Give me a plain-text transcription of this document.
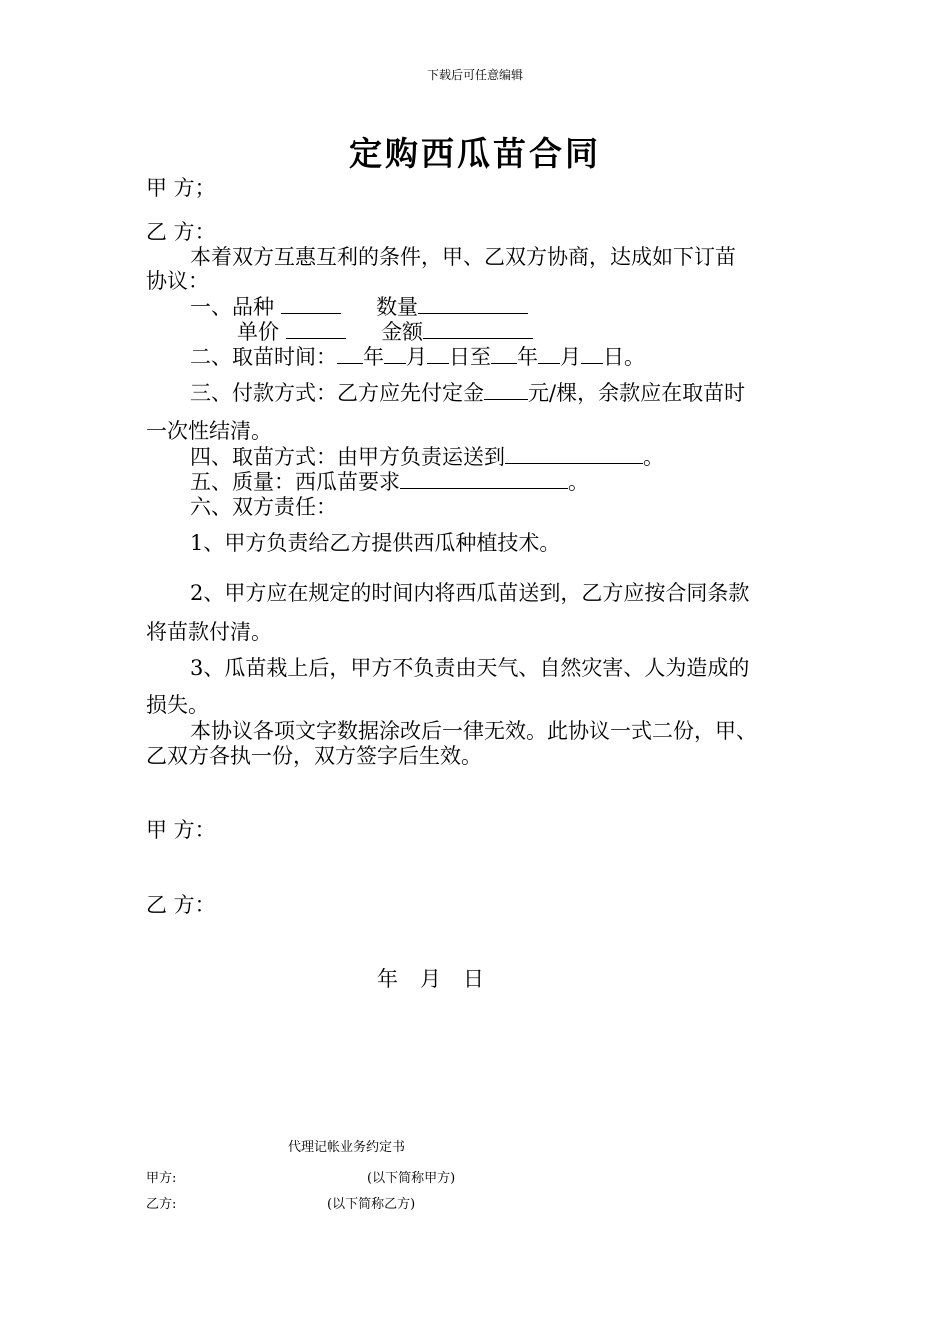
下载后可任意编辑
定购西瓜苗合同
甲 方；
乙 方：
本着双方互惠互利的条件，甲、乙双方协商，达成如下订苗
协议：
一、品种	数量
单价	金额
二、取苗时间： 年 月 日至 年 月 日。
三、付款方式：乙方应先付定金 元/棵，余款应在取苗时
一次性结清。
四、取苗方式：由甲方负责运送到	。
五、质量：西瓜苗要求	。
六、双方责任：
1、甲方负责给乙方提供西瓜种植技术。
2、甲方应在规定的时间内将西瓜苗送到，乙方应按合同条款
将苗款付清。
3、瓜苗栽上后，甲方不负责由天气、自然灾害、人为造成的
损失。
本协议各项文字数据涂改后一律无效。此协议一式二份，甲、
乙双方各执一份，双方签字后生效。
甲 方：
乙 方：
年 月 日
代理记帐业务约定书
甲方:	(以下简称甲方)
乙方:	(以下简称乙方)
